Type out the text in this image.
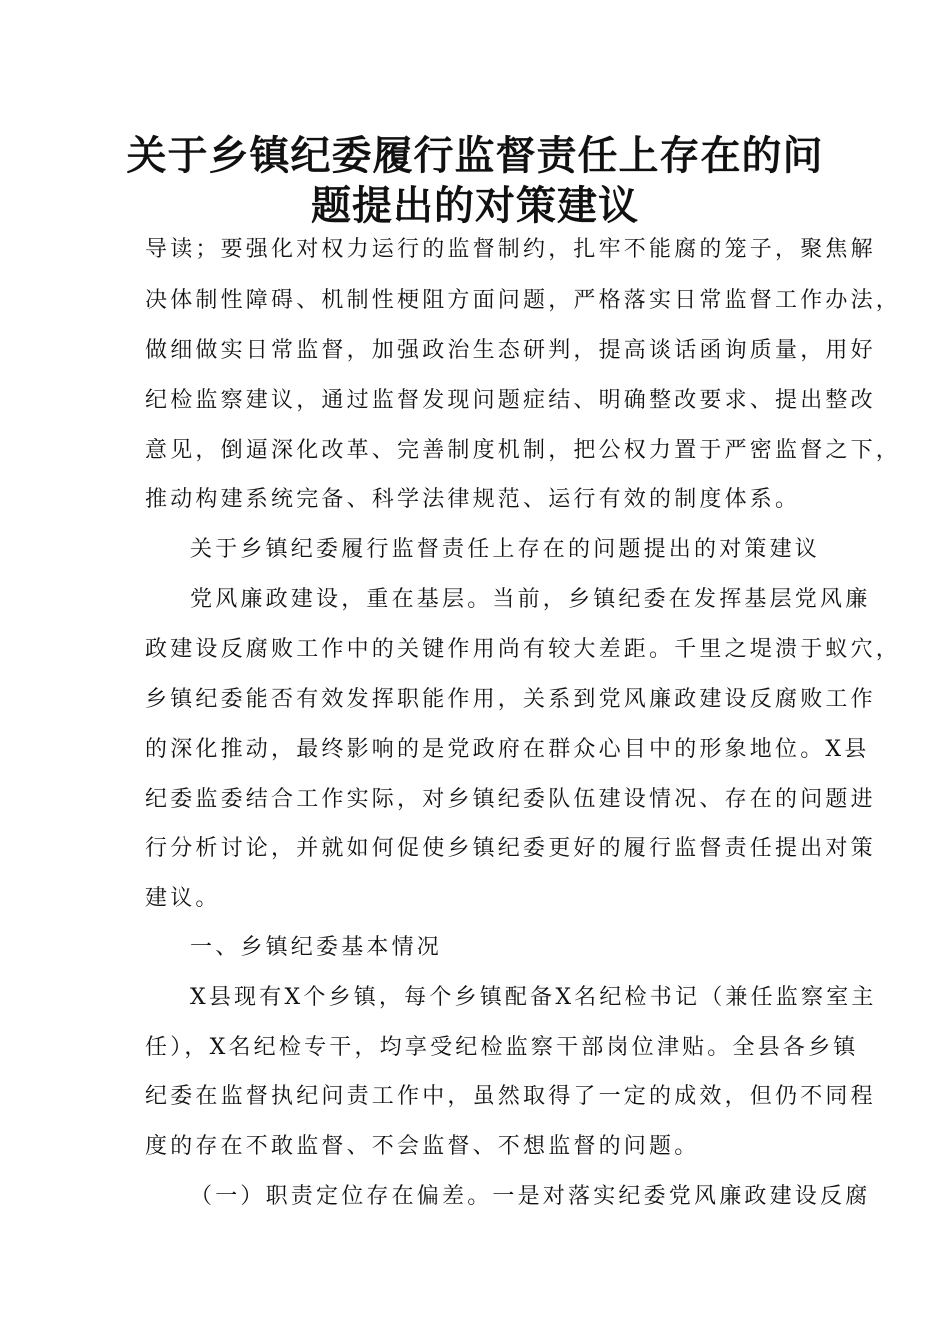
关于乡镇纪委履行监督责任上存在的问
题提出的对策建议
导读；要强化对权力运行的监督制约，扎牢不能腐的笼子，聚焦解
决体制性障碍、机制性梗阻方面问题，严格落实日常监督工作办法，
做细做实日常监督，加强政治生态研判，提高谈话函询质量，用好
纪检监察建议，通过监督发现问题症结、明确整改要求、提出整改
意见，倒逼深化改革、完善制度机制，把公权力置于严密监督之下，
推动构建系统完备、科学法律规范、运行有效的制度体系。
关于乡镇纪委履行监督责任上存在的问题提出的对策建议
党风廉政建设，重在基层。当前，乡镇纪委在发挥基层党风廉
政建设反腐败工作中的关键作用尚有较大差距。千里之堤溃于蚁穴，
乡镇纪委能否有效发挥职能作用，关系到党风廉政建设反腐败工作
的深化推动，最终影响的是党政府在群众心目中的形象地位。X县
纪委监委结合工作实际，对乡镇纪委队伍建设情况、存在的问题进
行分析讨论，并就如何促使乡镇纪委更好的履行监督责任提出对策
建议。
一、乡镇纪委基本情况
X县现有X个乡镇，每个乡镇配备X名纪检书记（兼任监察室主
任），X名纪检专干，均享受纪检监察干部岗位津贴。全县各乡镇
纪委在监督执纪问责工作中，虽然取得了一定的成效，但仍不同程
度的存在不敢监督、不会监督、不想监督的问题。
（一）职责定位存在偏差。一是对落实纪委党风廉政建设反腐
